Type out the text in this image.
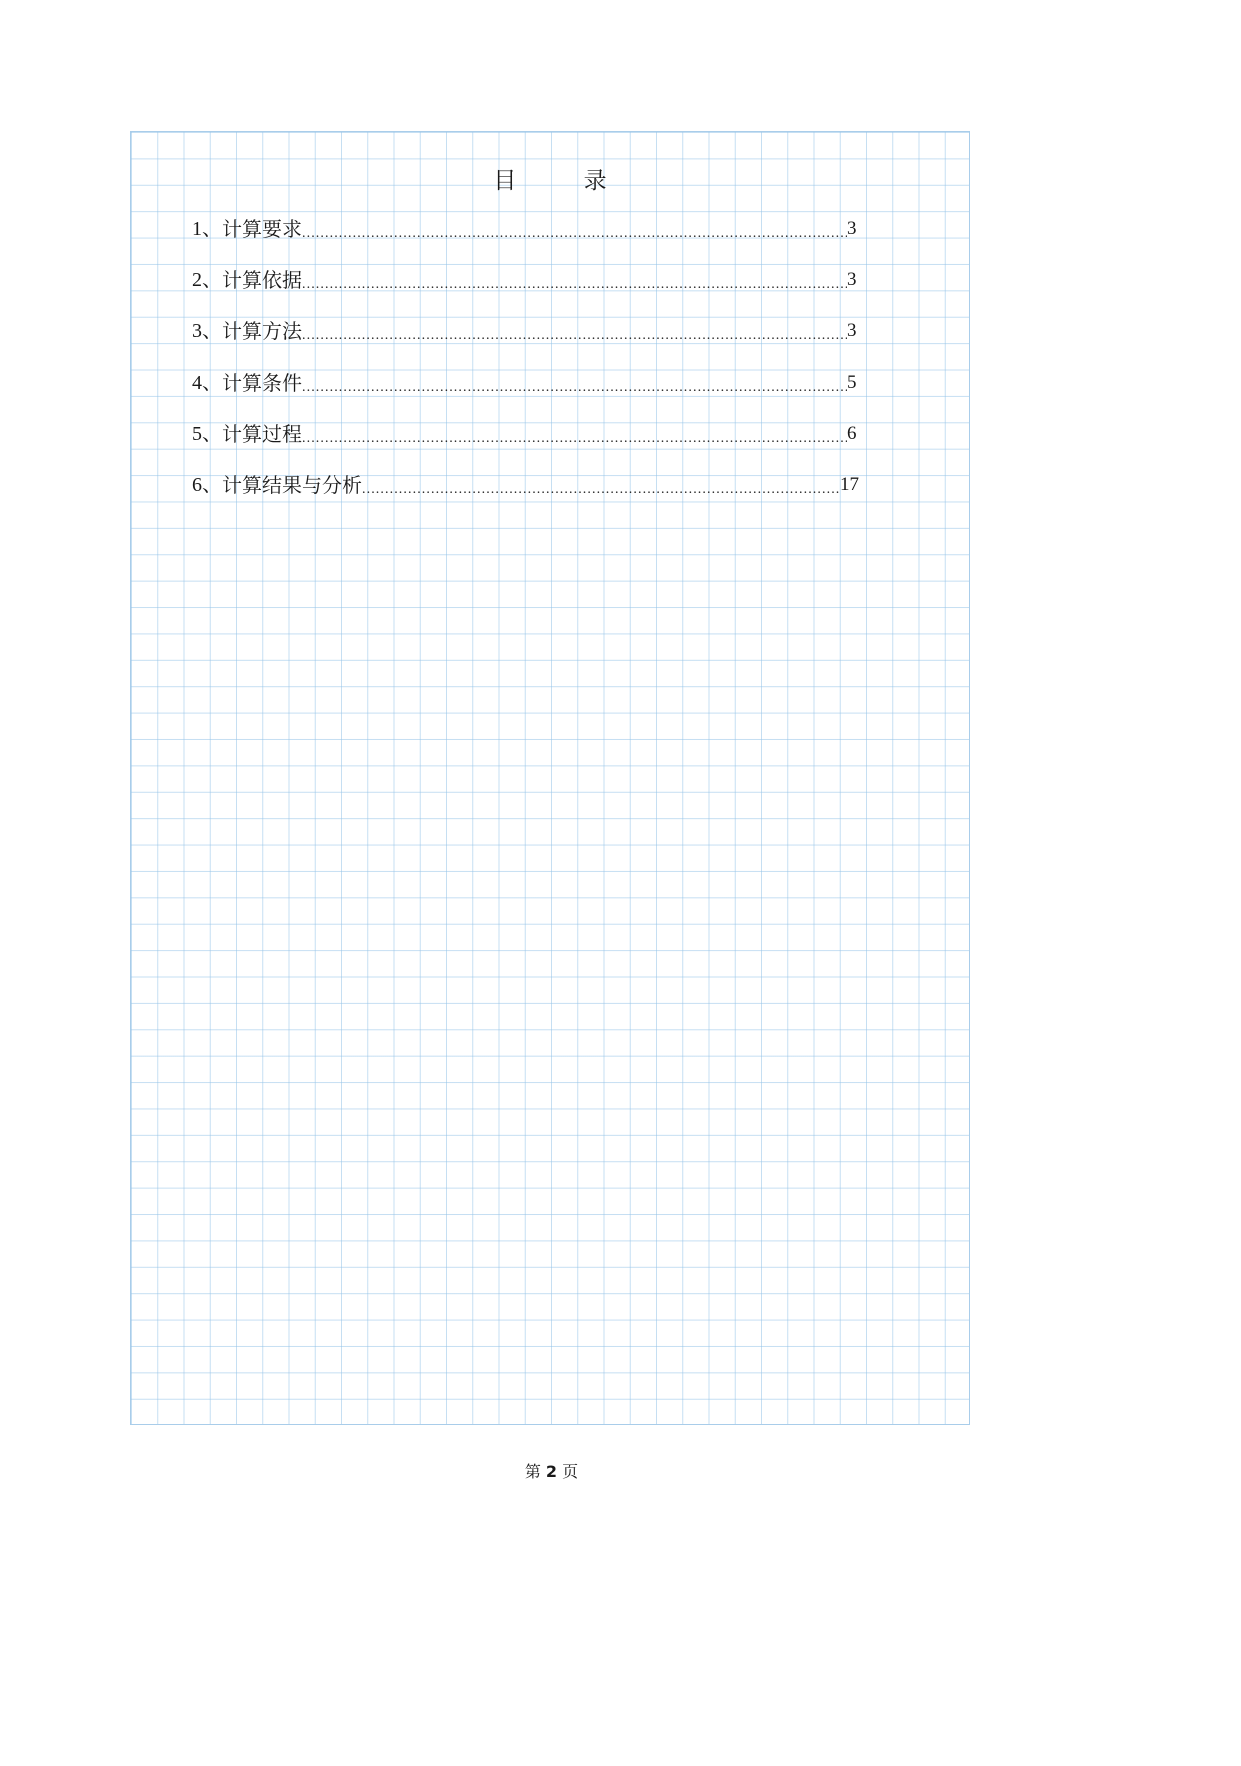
目 录
1、 计算要求 .....	3
2、 计算依据 .....	3
3、 计算方法 .....	3
4、 计算条件 .....	5
5、 计算过程 .....	6
6、 计算结果与分析 .....	17
第 2 页
